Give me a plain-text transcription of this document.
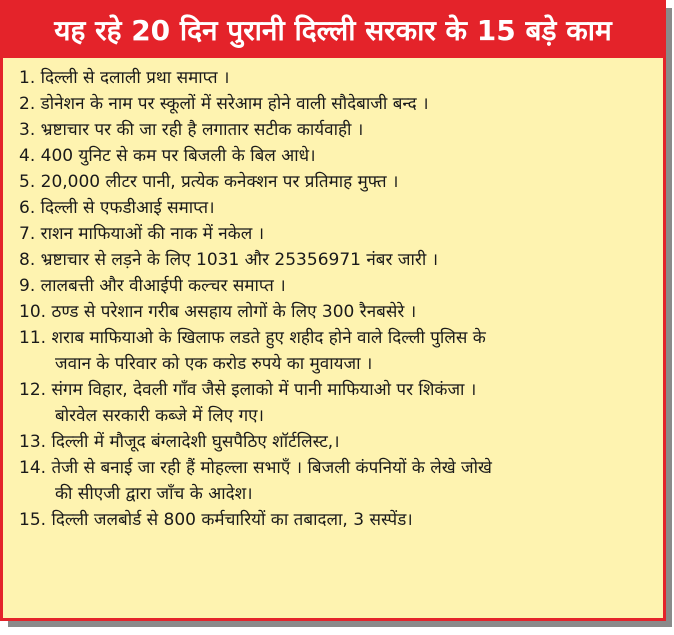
यह रहे 20 दिन पुरानी दिल्ली सरकार के 15 बड़े काम
1. दिल्ली से दलाली प्रथा समाप्त ।
2. डोनेशन के नाम पर स्कूलों में सरेआम होने वाली सौदेबाजी बन्द ।
3. भ्रष्टाचार पर की जा रही है लगातार सटीक कार्यवाही ।
4. 400 युनिट से कम पर बिजली के बिल आधे।
5. 20,000 लीटर पानी, प्रत्येक कनेक्शन पर प्रतिमाह मुफ्त ।
6. दिल्ली से एफडीआई समाप्त।
7. राशन माफियाओं की नाक में नकेल ।
8. भ्रष्टाचार से लड़ने के लिए 1031 और 25356971 नंबर जारी ।
9. लालबत्ती और वीआईपी कल्चर समाप्त ।
10. ठण्ड से परेशान गरीब असहाय लोगों के लिए 300 रैनबसेरे ।
11. शराब माफियाओ के खिलाफ लडते हुए शहीद होने वाले दिल्ली पुलिस के
जवान के परिवार को एक करोड रुपये का मुवायजा ।
12. संगम विहार, देवली गाँव जैसे इलाको में पानी माफियाओ पर शिकंजा ।
बोरवेल सरकारी कब्जे में लिए गए।
13. दिल्ली में मौजूद बंग्लादेशी घुसपैठिए शॉर्टलिस्ट,।
14. तेजी से बनाई जा रही हैं मोहल्ला सभाएँ । बिजली कंपनियों के लेखे जोखे
की सीएजी द्वारा जाँच के आदेश।
15. दिल्ली जलबोर्ड से 800 कर्मचारियों का तबादला, 3 सस्पेंड।
